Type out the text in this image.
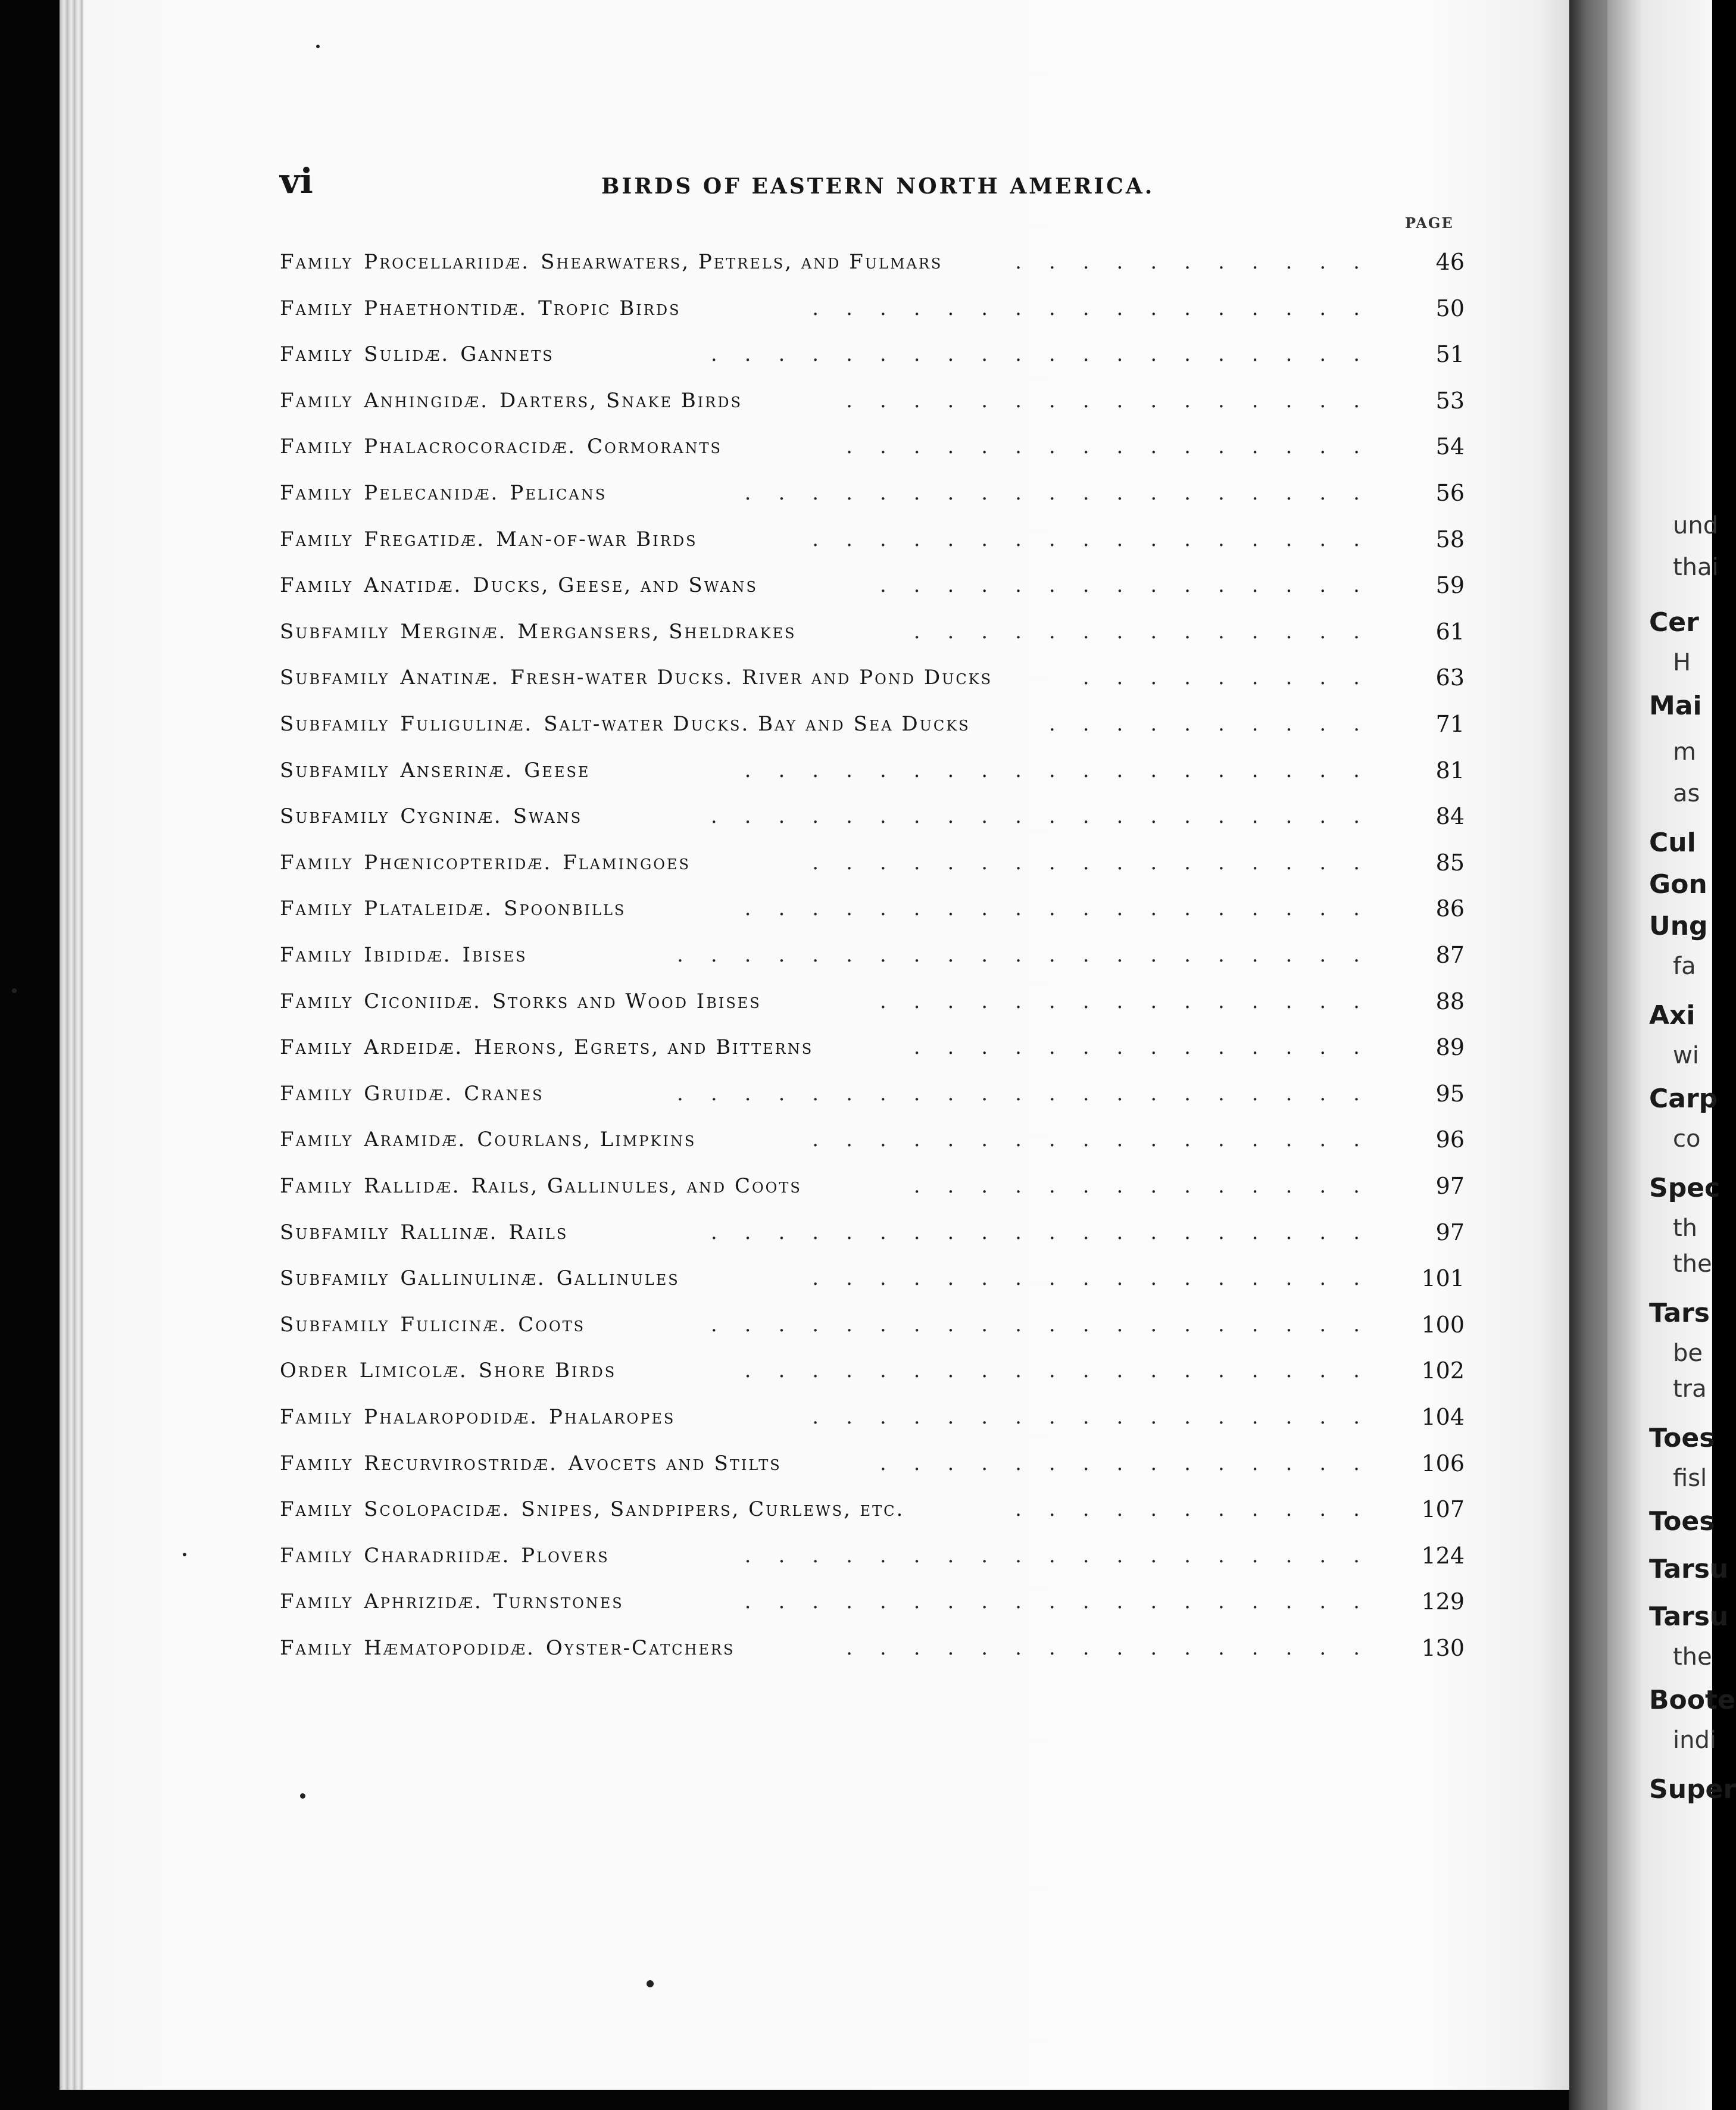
vi	BIRDS OF EASTERN NORTH AMERICA.
PAGE
Family Procellariidæ. Shearwaters, Petrels, and Fulmars	46
...........
Family Phaethontidæ. Tropic Birds	50
.................
Family Sulidæ. Gannets	51
....................
Family Anhingidæ. Darters, Snake Birds	53
................
Family Phalacrocoracidæ. Cormorants	54
................
Family Pelecanidæ. Pelicans	56
...................
Family Fregatidæ. Man-of-war Birds	58
.................
Family Anatidæ. Ducks, Geese, and Swans	59
...............
Subfamily Merginæ. Mergansers, Sheldrakes	61
..............
Subfamily Anatinæ. Fresh-water Ducks. River and Pond Ducks	63
.........
Subfamily Fuligulinæ. Salt-water Ducks. Bay and Sea Ducks	71
..........
Subfamily Anserinæ. Geese	81
...................
Subfamily Cygninæ. Swans	84
....................
Family Phœnicopteridæ. Flamingoes	85
.................
Family Plataleidæ. Spoonbills	86
...................
Family Ibididæ. Ibises	87
.....................
Family Ciconiidæ. Storks and Wood Ibises	88
...............
Family Ardeidæ. Herons, Egrets, and Bitterns	89
..............
Family Gruidæ. Cranes	95
.....................
Family Aramidæ. Courlans, Limpkins	96
.................
Family Rallidæ. Rails, Gallinules, and Coots	97
..............
Subfamily Rallinæ. Rails	97
....................
Subfamily Gallinulinæ. Gallinules	101
.................
Subfamily Fulicinæ. Coots	100
....................
Order Limicolæ. Shore Birds	102
...................
Family Phalaropodidæ. Phalaropes	104
.................
Family Recurvirostridæ. Avocets and Stilts	106
...............
Family Scolopacidæ. Snipes, Sandpipers, Curlews, etc.	107
...........
Family Charadriidæ. Plovers	124
...................
Family Aphrizidæ. Turnstones	129
...................
Family Hæmatopodidæ. Oyster-Catchers	130
................
und
thai
Cer
H
Mai
m
as
Cul
Gon
Ung
fa
Axi
wi
Carp
co
Spec
th
the
Tars
be
tra
Toes
fisl
Toes
Tarsu
Tarsu
the
Boote
indi
Super
